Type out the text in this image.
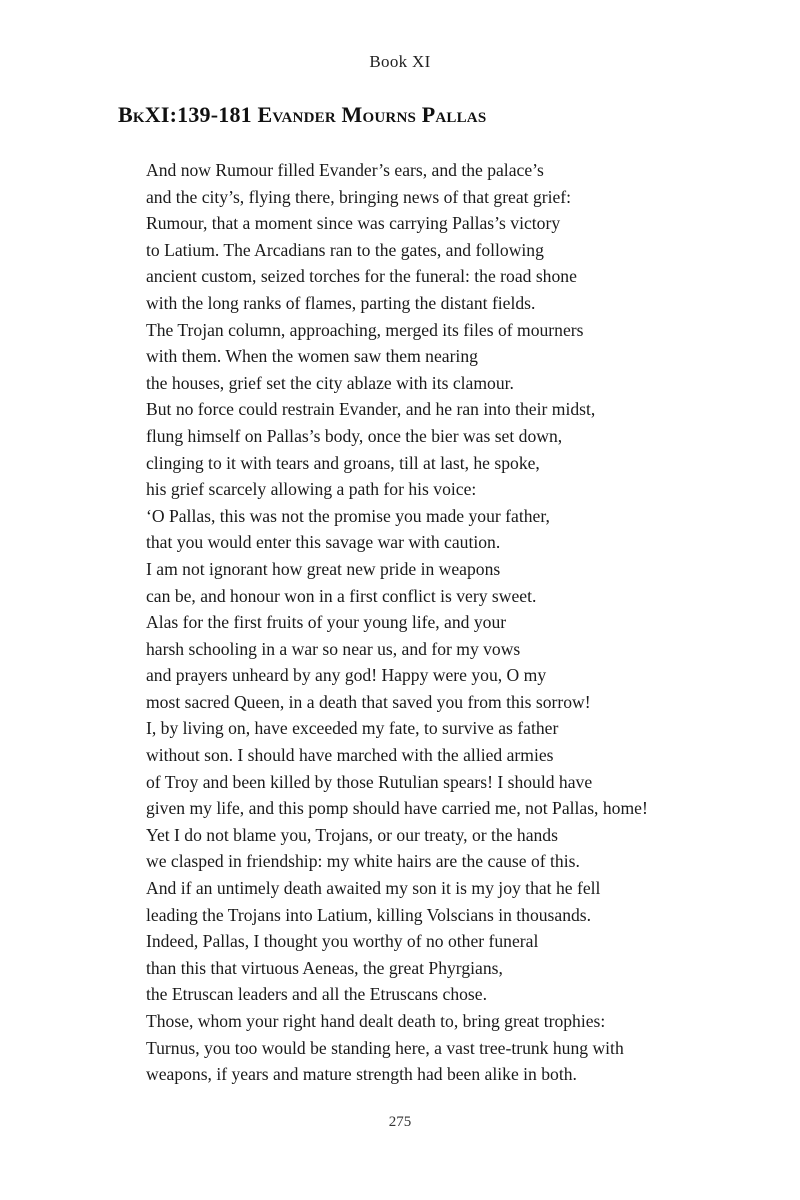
Book XI
BkXI:139-181 Evander Mourns Pallas
And now Rumour filled Evander’s ears, and the palace’s
and the city’s, flying there, bringing news of that great grief:
Rumour, that a moment since was carrying Pallas’s victory
to Latium. The Arcadians ran to the gates, and following
ancient custom, seized torches for the funeral: the road shone
with the long ranks of flames, parting the distant fields.
The Trojan column, approaching, merged its files of mourners
with them. When the women saw them nearing
the houses, grief set the city ablaze with its clamour.
But no force could restrain Evander, and he ran into their midst,
flung himself on Pallas’s body, once the bier was set down,
clinging to it with tears and groans, till at last, he spoke,
his grief scarcely allowing a path for his voice:
‘O Pallas, this was not the promise you made your father,
that you would enter this savage war with caution.
I am not ignorant how great new pride in weapons
can be, and honour won in a first conflict is very sweet.
Alas for the first fruits of your young life, and your
harsh schooling in a war so near us, and for my vows
and prayers unheard by any god! Happy were you, O my
most sacred Queen, in a death that saved you from this sorrow!
I, by living on, have exceeded my fate, to survive as father
without son. I should have marched with the allied armies
of Troy and been killed by those Rutulian spears! I should have
given my life, and this pomp should have carried me, not Pallas, home!
Yet I do not blame you, Trojans, or our treaty, or the hands
we clasped in friendship: my white hairs are the cause of this.
And if an untimely death awaited my son it is my joy that he fell
leading the Trojans into Latium, killing Volscians in thousands.
Indeed, Pallas, I thought you worthy of no other funeral
than this that virtuous Aeneas, the great Phyrgians,
the Etruscan leaders and all the Etruscans chose.
Those, whom your right hand dealt death to, bring great trophies:
Turnus, you too would be standing here, a vast tree-trunk hung with
weapons, if years and mature strength had been alike in both.
275
